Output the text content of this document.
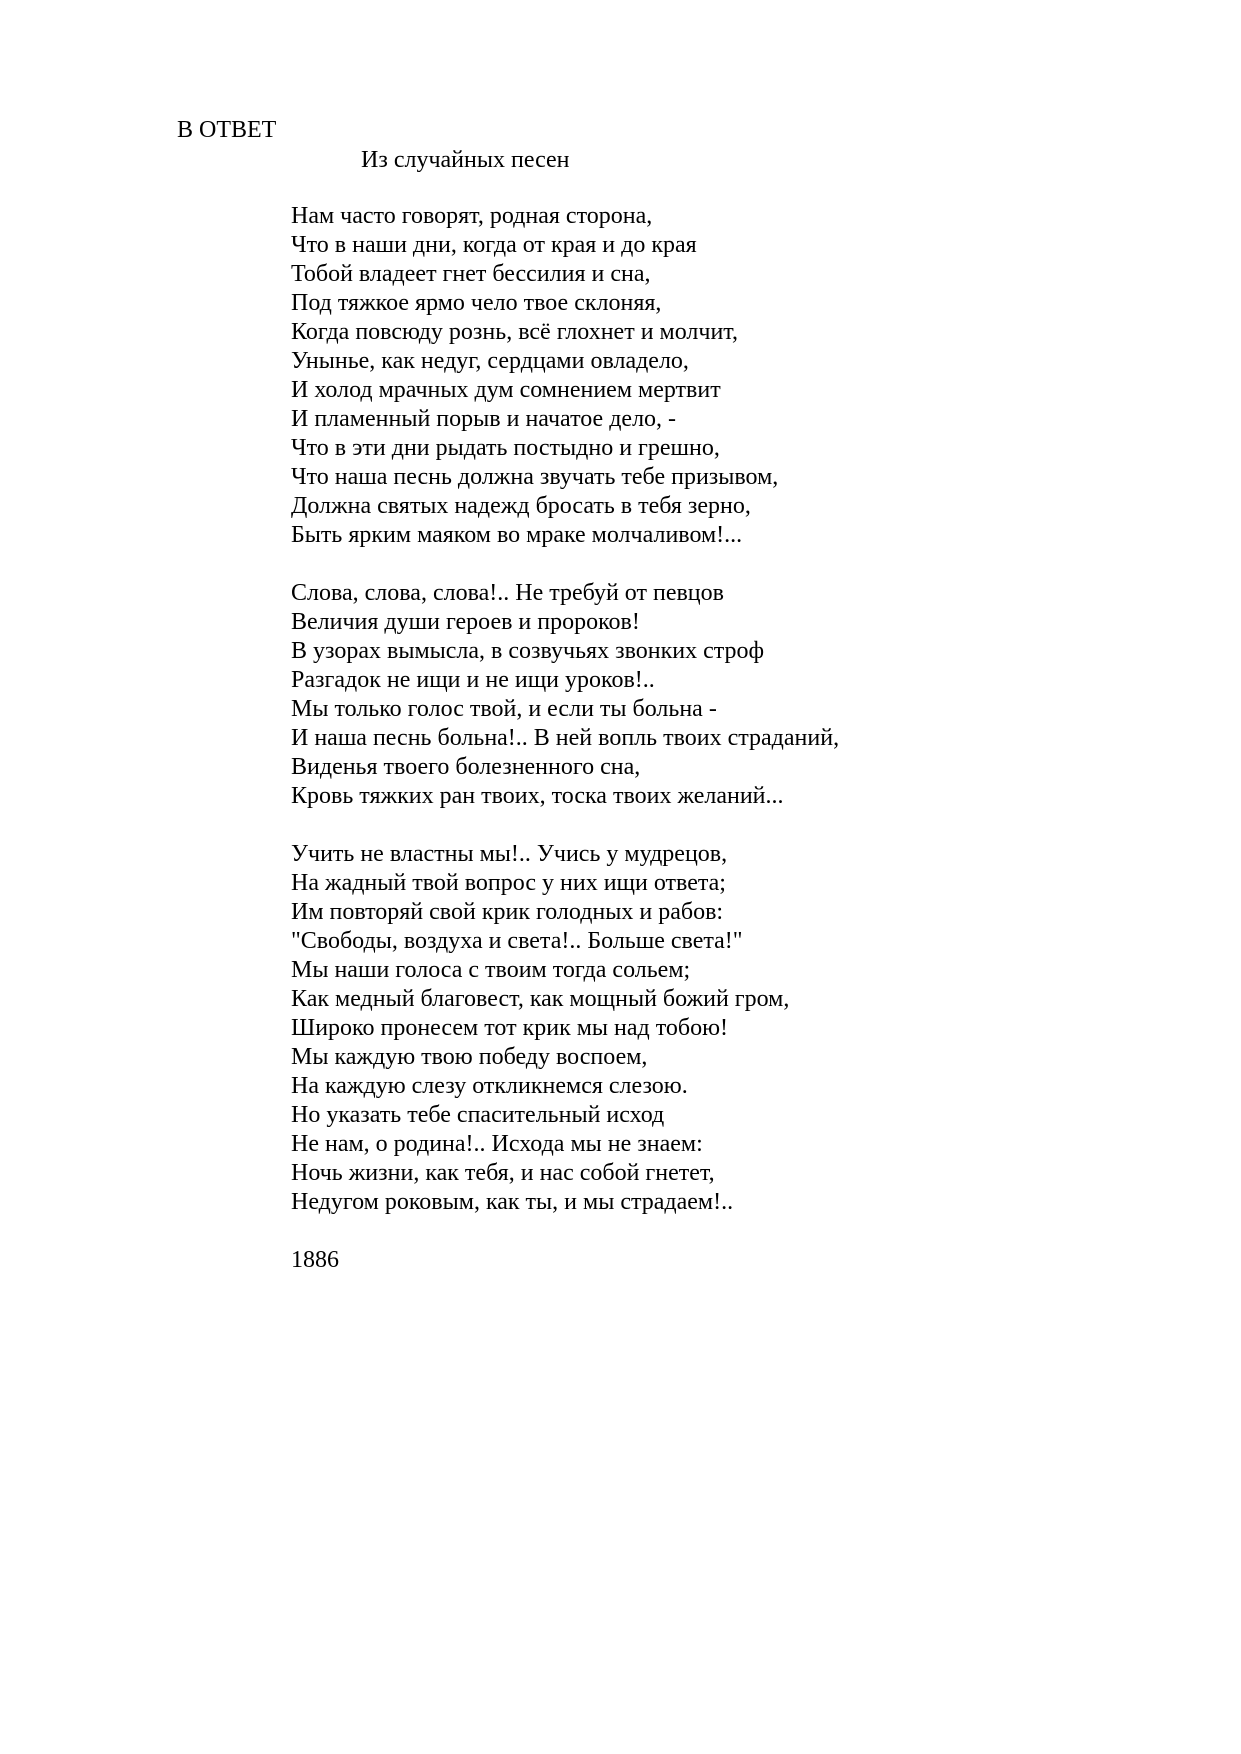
В ОТВЕТ
Из случайных песен
Нам часто говорят, родная сторона,
Что в наши дни, когда от края и до края
Тобой владеет гнет бессилия и сна,
Под тяжкое ярмо чело твое склоняя,
Когда повсюду рознь, всё глохнет и молчит,
Унынье, как недуг, сердцами овладело,
И холод мрачных дум сомнением мертвит
И пламенный порыв и начатое дело, -
Что в эти дни рыдать постыдно и грешно,
Что наша песнь должна звучать тебе призывом,
Должна святых надежд бросать в тебя зерно,
Быть ярким маяком во мраке молчаливом!...
Слова, слова, слова!.. Не требуй от певцов
Величия души героев и пророков!
В узорах вымысла, в созвучьях звонких строф
Разгадок не ищи и не ищи уроков!..
Мы только голос твой, и если ты больна -
И наша песнь больна!.. В ней вопль твоих страданий,
Виденья твоего болезненного сна,
Кровь тяжких ран твоих, тоска твоих желаний...
Учить не властны мы!.. Учись у мудрецов,
На жадный твой вопрос у них ищи ответа;
Им повторяй свой крик голодных и рабов:
"Свободы, воздуха и света!.. Больше света!"
Мы наши голоса с твоим тогда сольем;
Как медный благовест, как мощный божий гром,
Широко пронесем тот крик мы над тобою!
Мы каждую твою победу воспоем,
На каждую слезу откликнемся слезою.
Но указать тебе спасительный исход
Не нам, о родина!.. Исхода мы не знаем:
Ночь жизни, как тебя, и нас собой гнетет,
Недугом роковым, как ты, и мы страдаем!..
1886
